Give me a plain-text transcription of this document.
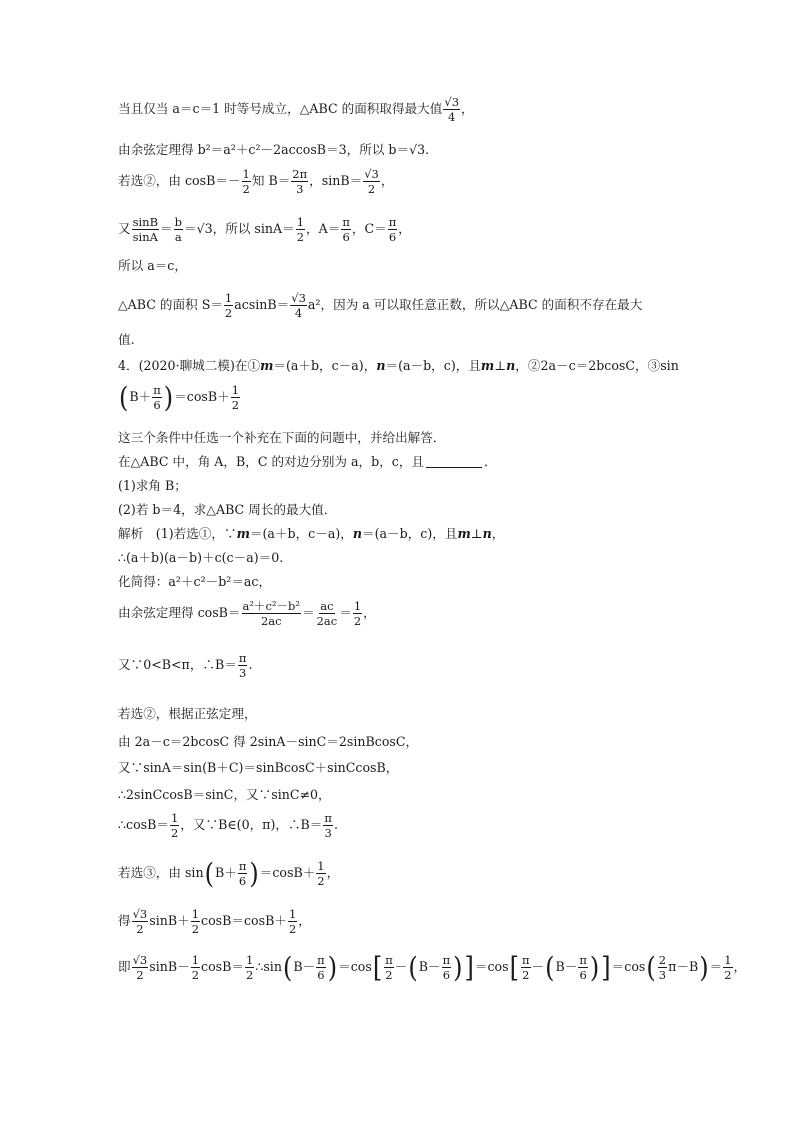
当且仅当 a＝c＝1 时等号成立，△ABC 的面积取得最大值 $\frac{√3}{4}$ ，
由余弦定理得 b²＝a²＋c²－2accosB＝3，所以 b＝√3.
若选②，由 $\cos B=- \frac{1}{2}$ 知 $B= \frac{2\pi}{3}$ ，$\sin B= \frac{√3}{2}$ ，
又 $\frac{\sin B}{\sin A} = \frac{b}{a} =√3$，所以 $\sin A= \frac{1}{2}$ ，$A= \frac{\pi}{6}$ ，$C= \frac{\pi}{6}$ ，
所以 a＝c，
△ABC 的面积 $S= \frac{1}{2} acsinB= \frac{√3}{4} a^2$，因为 a 可以取任意正数，所以△ABC 的面积不存在最大
值.
4．(2020·聊城二模)在① m ＝(a＋b，c－a)， n ＝(a－b，c)，且 m ⊥ n ，②2a－c＝2bcosC，③sin
( $B+ \frac{\pi}{6}$ ) $=\cos B+ \frac{1}{2}$
这三个条件中任选一个补充在下面的问题中，并给出解答．
在△ABC 中，角 A，B，C 的对边分别为 a，b，c，且	．
(1)求角 B；
(2)若 b＝4，求△ABC 周长的最大值．
解析　(1)若选①，∵ m ＝(a＋b，c－a)， n ＝(a－b，c)，且 m ⊥ n ，
∴(a＋b)(a－b)＋c(c－a)＝0.
化简得：a²＋c²－b²＝ac，
由余弦定理得 $\cos B= \frac{\text{a²＋c²－b²}}{2ac} = \frac{ac}{2ac} = \frac{1}{2}$ ，
又∵0<B<π，∴B＝ $\frac{\pi}{3}$ .
若选②，根据正弦定理，
由 2a－c＝2bcosC 得 2sinA－sinC＝2sinBcosC，
又∵sinA＝sin(B＋C)＝sinBcosC＋sinCcosB，
∴2sinCcosB＝sinC，又∵sinC≠0，
∴cosB＝ $\frac{1}{2}$ ，又∵B∈(0，π)，∴B＝ $\frac{\pi}{3}$ .
若选③，由 sin ( $B+ \frac{\pi}{6}$ ) $=\cos B+ \frac{1}{2}$ ，
得 $\frac{√3}{2} \sin B+ \frac{1}{2} \cos B=\cos B+ \frac{1}{2}$ ，
即 $\frac{√3}{2} \sin B- \frac{1}{2} \cos B= \frac{1}{2}$ ∴sin ( $B- \frac{\pi}{6}$ ) ＝cos [ $\frac{\pi}{2}$ － ( $B- \frac{\pi}{6}$ ) ] ＝cos [ $\frac{\pi}{2}$ － ( $B- \frac{\pi}{6}$ ) ] ＝cos ( $\frac{2}{3} \pi-B$ ) ＝ $\frac{1}{2}$ ，
